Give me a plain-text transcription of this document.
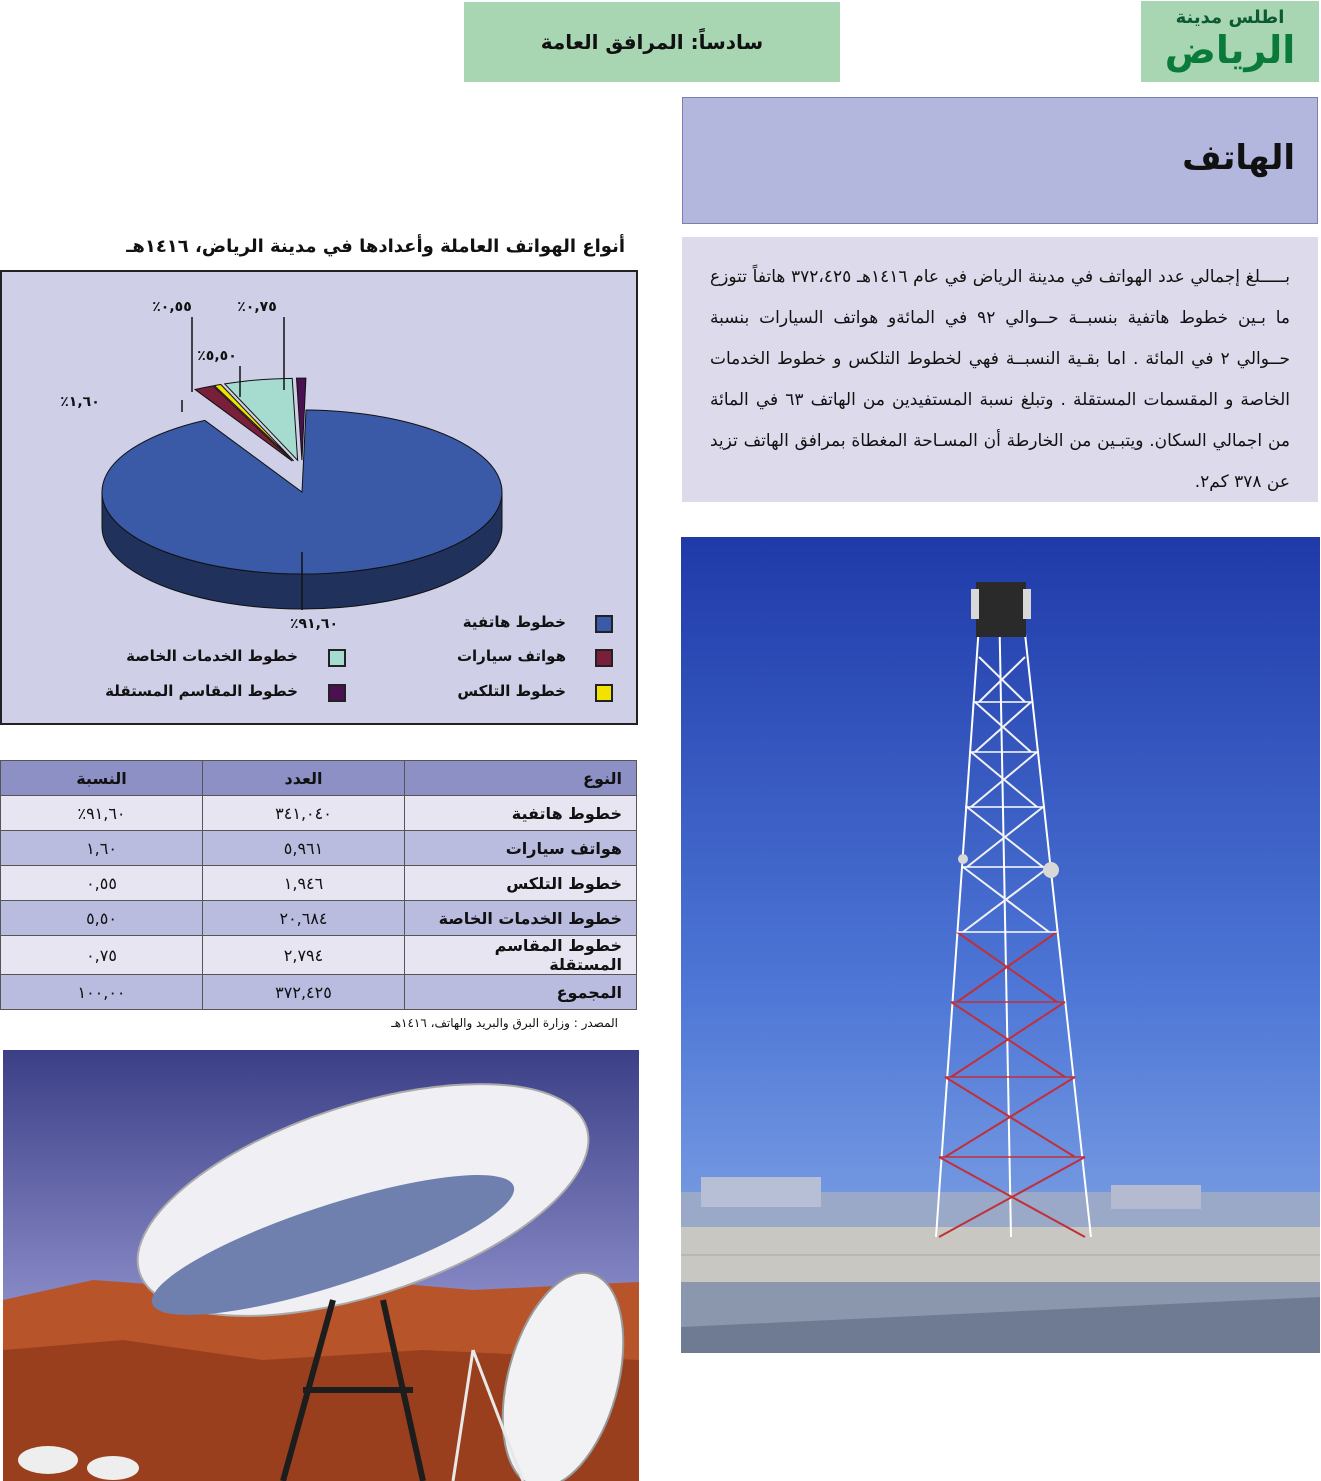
اطلس مدينة
الرياض
سادساً: المرافق العامة
الهاتف
بـــــلغ إجمالي عدد الهواتف في مدينة الرياض في عام ١٤١٦هـ ٣٧٢،٤٢٥ هاتفاً تتوزع ما بـين خطوط هاتفية بنسبــة حــوالي ٩٢ في المائةو هواتف السيارات بنسبة حــوالي ٢ في المائة . اما بقـية النسبــة فهي لخطوط التلكس و خطوط الخدمات الخاصة و المقسمات المستقلة . وتبلغ نسبة المستفيدين من الهاتف ٦٣ في المائة من اجمالي السكان. ويتبـين من الخارطة أن المسـاحة المغطاة بمرافق الهاتف تزيد عن ٣٧٨ كم٢.
أنواع الهواتف العاملة وأعدادها في مدينة الرياض، ١٤١٦هـ
٩١,٦٠٪
١,٦٠٪
٠,٥٥٪
٥,٥٠٪
٠,٧٥٪
خطوط هاتفية
هواتف سيارات
خطوط التلكس
خطوط الخدمات الخاصة
خطوط المقاسم المستقلة
النوع	العدد	النسبة
خطوط هاتفية	٣٤١,٠٤٠	٩١,٦٠٪
هواتف سيارات	٥,٩٦١	١,٦٠
خطوط التلكس	١,٩٤٦	٠,٥٥
خطوط الخدمات الخاصة	٢٠,٦٨٤	٥,٥٠
خطوط المقاسم المستقلة	٢,٧٩٤	٠,٧٥
المجموع	٣٧٢,٤٢٥	١٠٠,٠٠
المصدر : وزارة البرق والبريد والهاتف، ١٤١٦هـ
